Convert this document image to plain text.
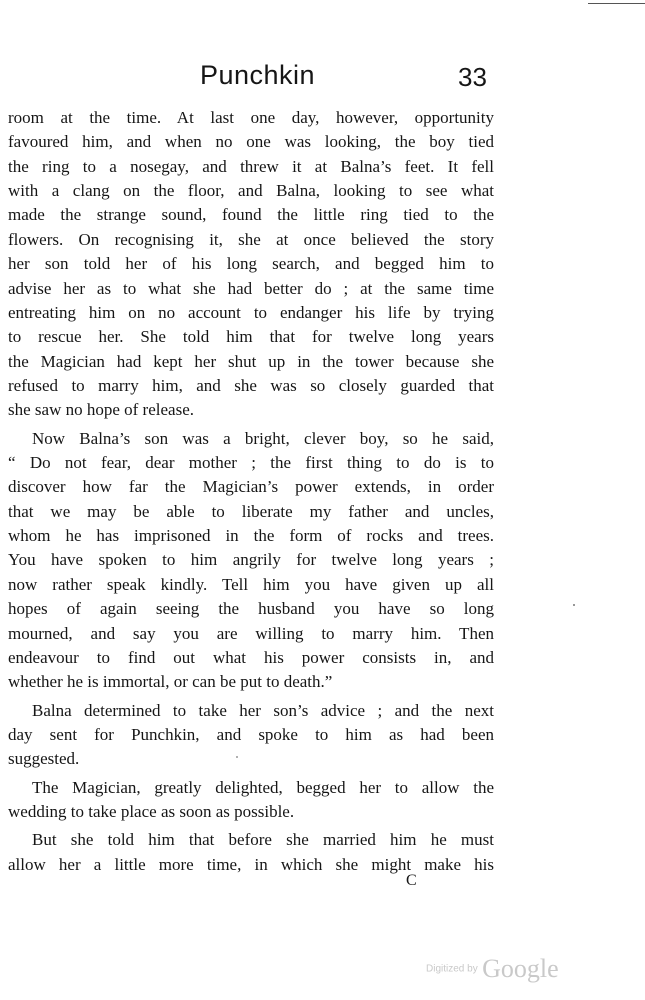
Punchkin	33
room at the time. At last one day, however, opportunity
favoured him, and when no one was looking, the boy tied
the ring to a nosegay, and threw it at Balna’s feet. It fell
with a clang on the floor, and Balna, looking to see what
made the strange sound, found the little ring tied to the
flowers. On recognising it, she at once believed the story
her son told her of his long search, and begged him to
advise her as to what she had better do ; at the same time
entreating him on no account to endanger his life by trying
to rescue her. She told him that for twelve long years
the Magician had kept her shut up in the tower because she
refused to marry him, and she was so closely guarded that
she saw no hope of release.
Now Balna’s son was a bright, clever boy, so he said,
“ Do not fear, dear mother ; the first thing to do is to
discover how far the Magician’s power extends, in order
that we may be able to liberate my father and uncles,
whom he has imprisoned in the form of rocks and trees.
You have spoken to him angrily for twelve long years ;
now rather speak kindly. Tell him you have given up all
hopes of again seeing the husband you have so long
mourned, and say you are willing to marry him. Then
endeavour to find out what his power consists in, and
whether he is immortal, or can be put to death.”
Balna determined to take her son’s advice ; and the next
day sent for Punchkin, and spoke to him as had been
suggested.
The Magician, greatly delighted, begged her to allow the
wedding to take place as soon as possible.
But she told him that before she married him he must
allow her a little more time, in which she might make his
C
Digitized by Google
